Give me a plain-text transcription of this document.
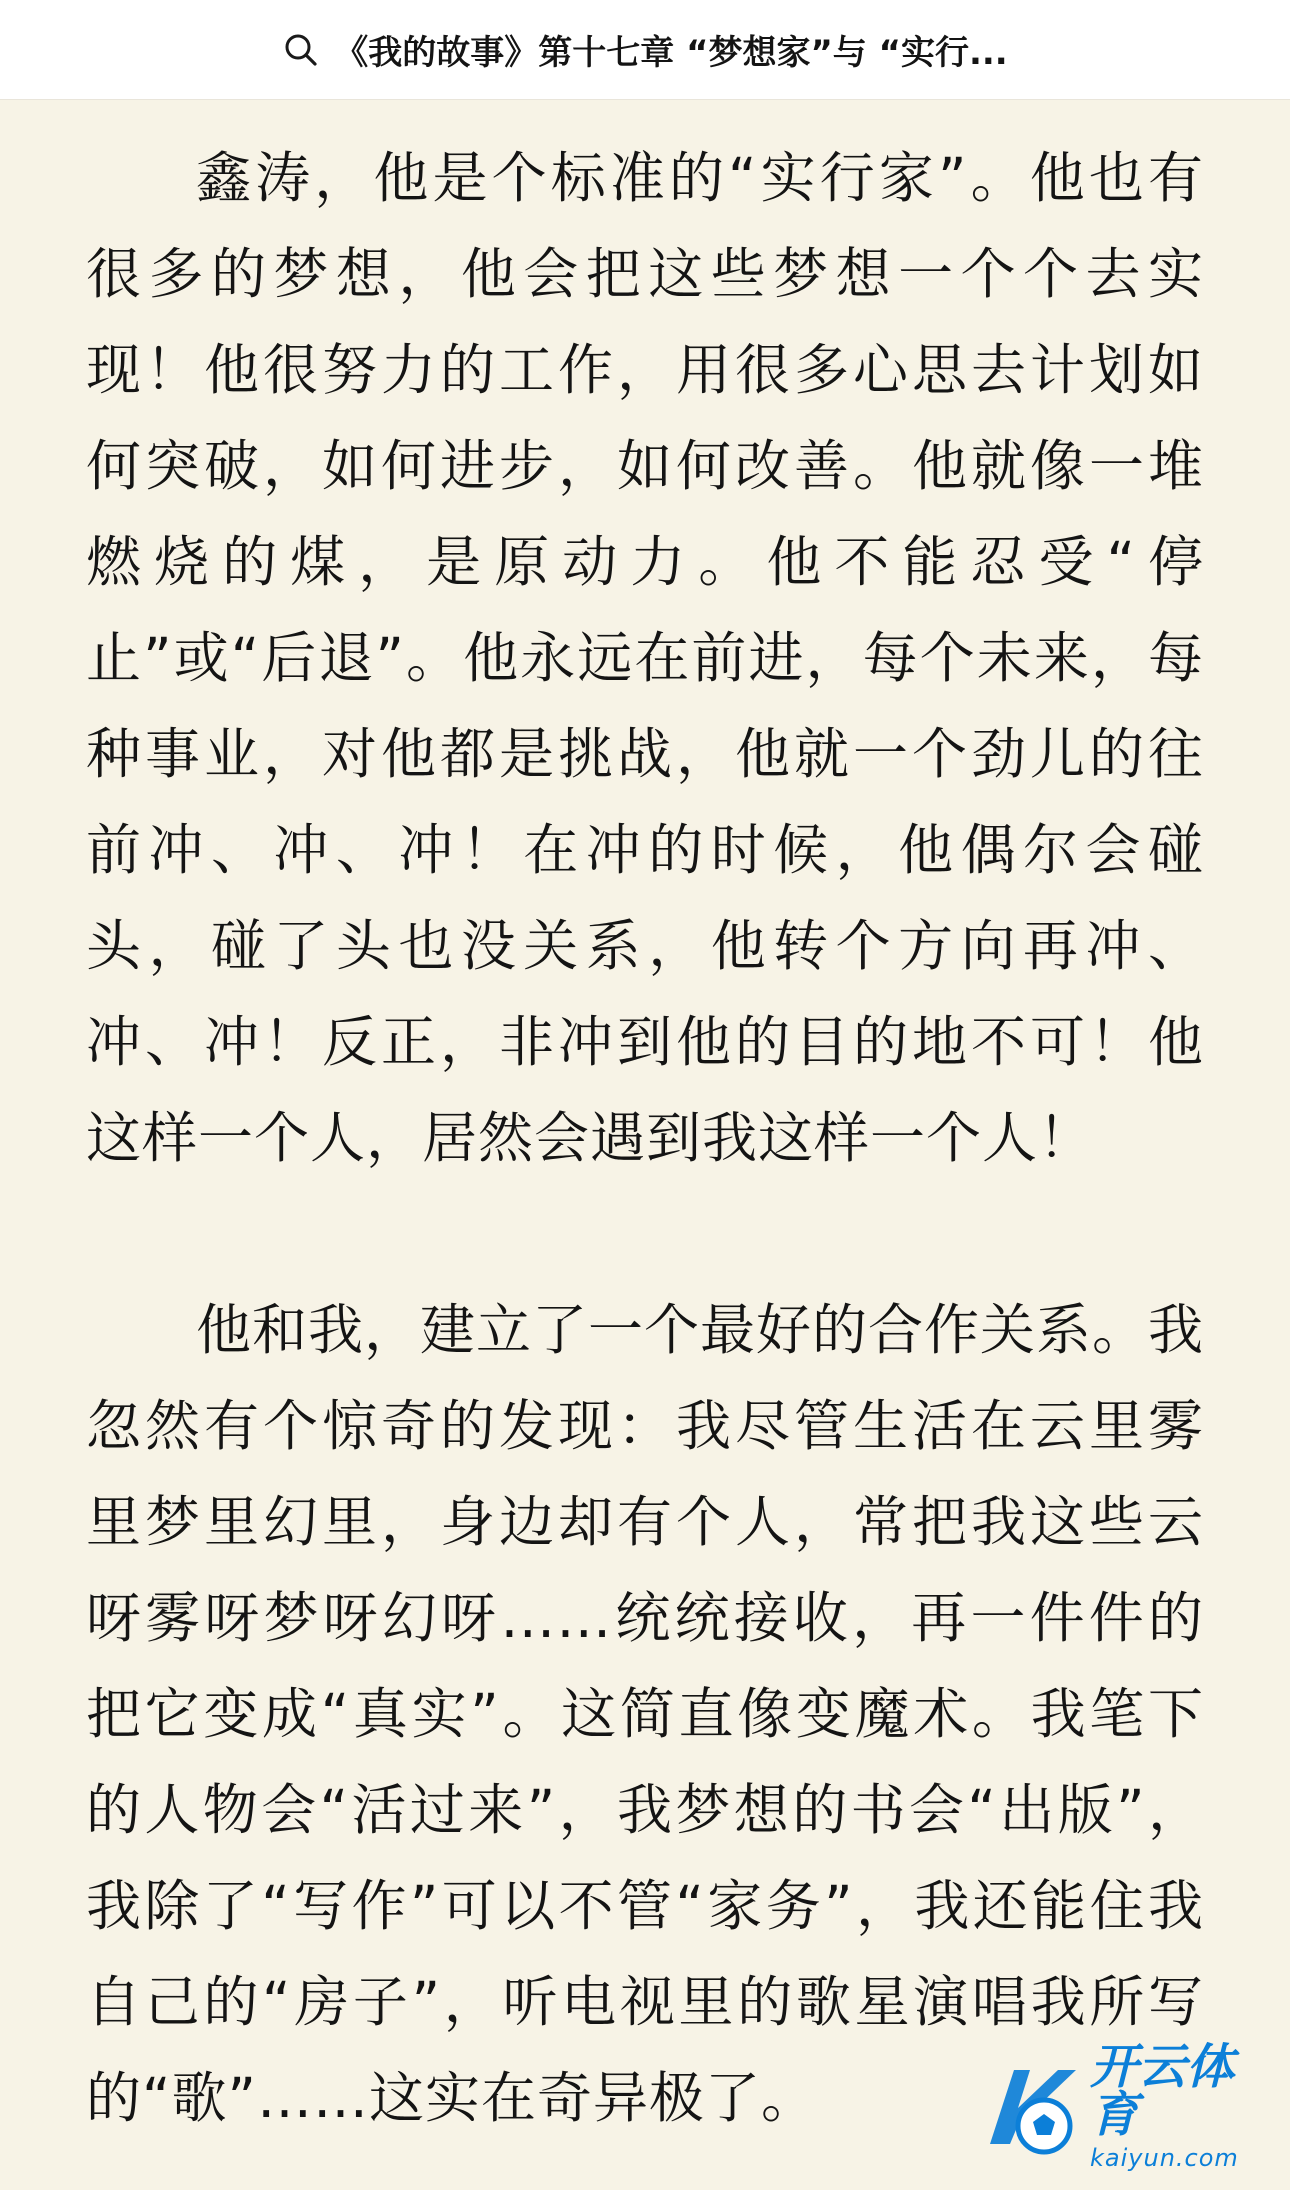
《我的故事》第十七章 “梦想家”与 “实行...

鑫涛，他是个标准的“实行家”。他也有很多的梦想，他会把这些梦想一个个去实现！他很努力的工作，用很多心思去计划如何突破，如何进步，如何改善。他就像一堆燃烧的煤，是原动力。他不能忍受“停止”或“后退”。他永远在前进，每个未来，每种事业，对他都是挑战，他就一个劲儿的往前冲、冲、冲！在冲的时候，他偶尔会碰头，碰了头也没关系，他转个方向再冲、冲、冲！反正，非冲到他的目的地不可！他这样一个人，居然会遇到我这样一个人！

他和我，建立了一个最好的合作关系。我忽然有个惊奇的发现：我尽管生活在云里雾里梦里幻里，身边却有个人，常把我这些云呀雾呀梦呀幻呀……统统接收，再一件件的把它变成“真实”。这简直像变魔术。我笔下的人物会“活过来”，我梦想的书会“出版”，我除了“写作”可以不管“家务”，我还能住我自己的“房子”，听电视里的歌星演唱我所写的“歌”……这实在奇异极了。	开云体育
kaiyun.com
